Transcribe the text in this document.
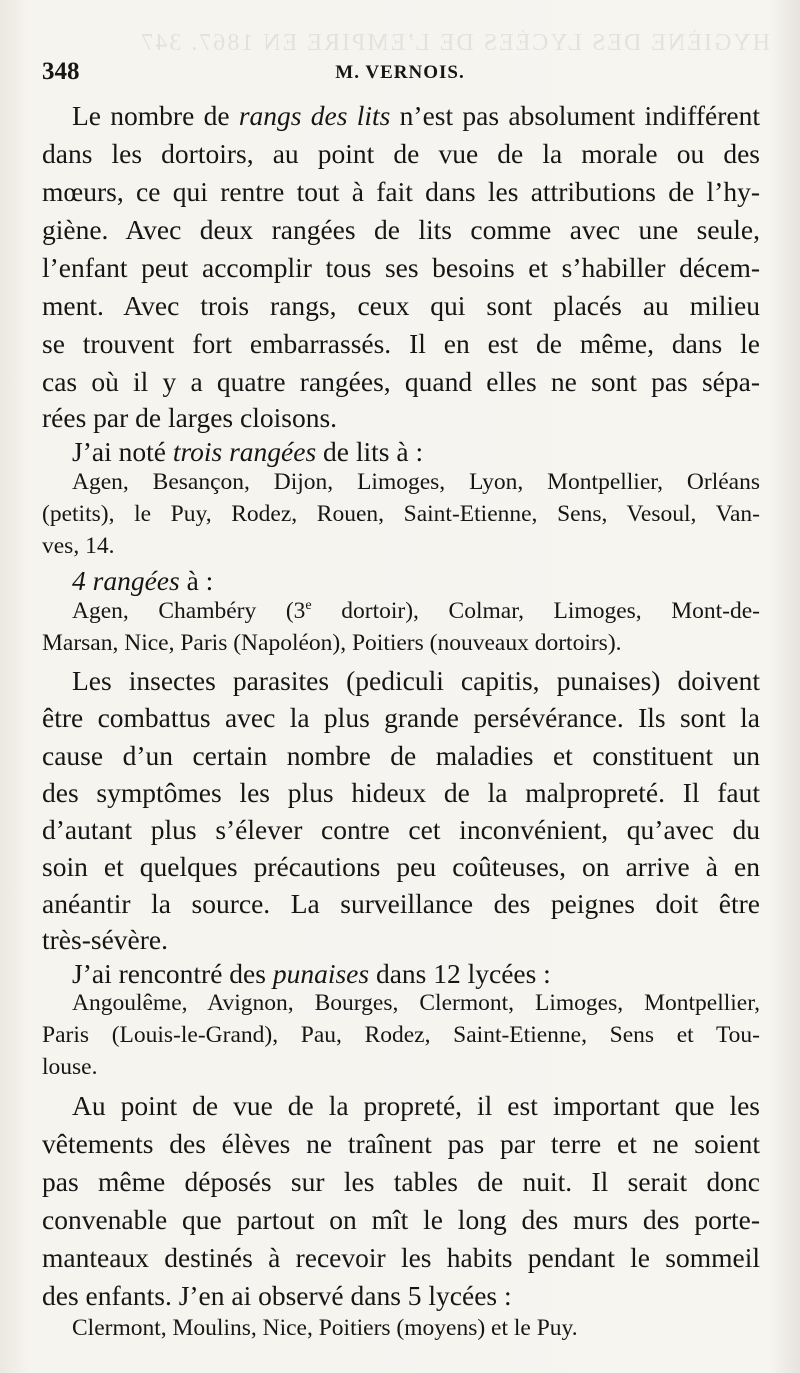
HYGIÈNE DES LYCÉES DE L’EMPIRE EN 1867. 347
348	M. VERNOIS.
Le nombre de rangs des lits n’est pas absolument indifférent
dans les dortoirs, au point de vue de la morale ou des
mœurs, ce qui rentre tout à fait dans les attributions de l’hy-
giène. Avec deux rangées de lits comme avec une seule,
l’enfant peut accomplir tous ses besoins et s’habiller décem-
ment. Avec trois rangs, ceux qui sont placés au milieu
se trouvent fort embarrassés. Il en est de même, dans le
cas où il y a quatre rangées, quand elles ne sont pas sépa-
rées par de larges cloisons.
J’ai noté trois rangées de lits à :
Agen, Besançon, Dijon, Limoges, Lyon, Montpellier, Orléans
(petits), le Puy, Rodez, Rouen, Saint-Etienne, Sens, Vesoul, Van-
ves, 14.
4 rangées à :
Agen, Chambéry (3e dortoir), Colmar, Limoges, Mont-de-
Marsan, Nice, Paris (Napoléon), Poitiers (nouveaux dortoirs).
Les insectes parasites (pediculi capitis, punaises) doivent
être combattus avec la plus grande persévérance. Ils sont la
cause d’un certain nombre de maladies et constituent un
des symptômes les plus hideux de la malpropreté. Il faut
d’autant plus s’élever contre cet inconvénient, qu’avec du
soin et quelques précautions peu coûteuses, on arrive à en
anéantir la source. La surveillance des peignes doit être
très-sévère.
J’ai rencontré des punaises dans 12 lycées :
Angoulême, Avignon, Bourges, Clermont, Limoges, Montpellier,
Paris (Louis-le-Grand), Pau, Rodez, Saint-Etienne, Sens et Tou-
louse.
Au point de vue de la propreté, il est important que les
vêtements des élèves ne traînent pas par terre et ne soient
pas même déposés sur les tables de nuit. Il serait donc
convenable que partout on mît le long des murs des porte-
manteaux destinés à recevoir les habits pendant le sommeil
des enfants. J’en ai observé dans 5 lycées :
Clermont, Moulins, Nice, Poitiers (moyens) et le Puy.
